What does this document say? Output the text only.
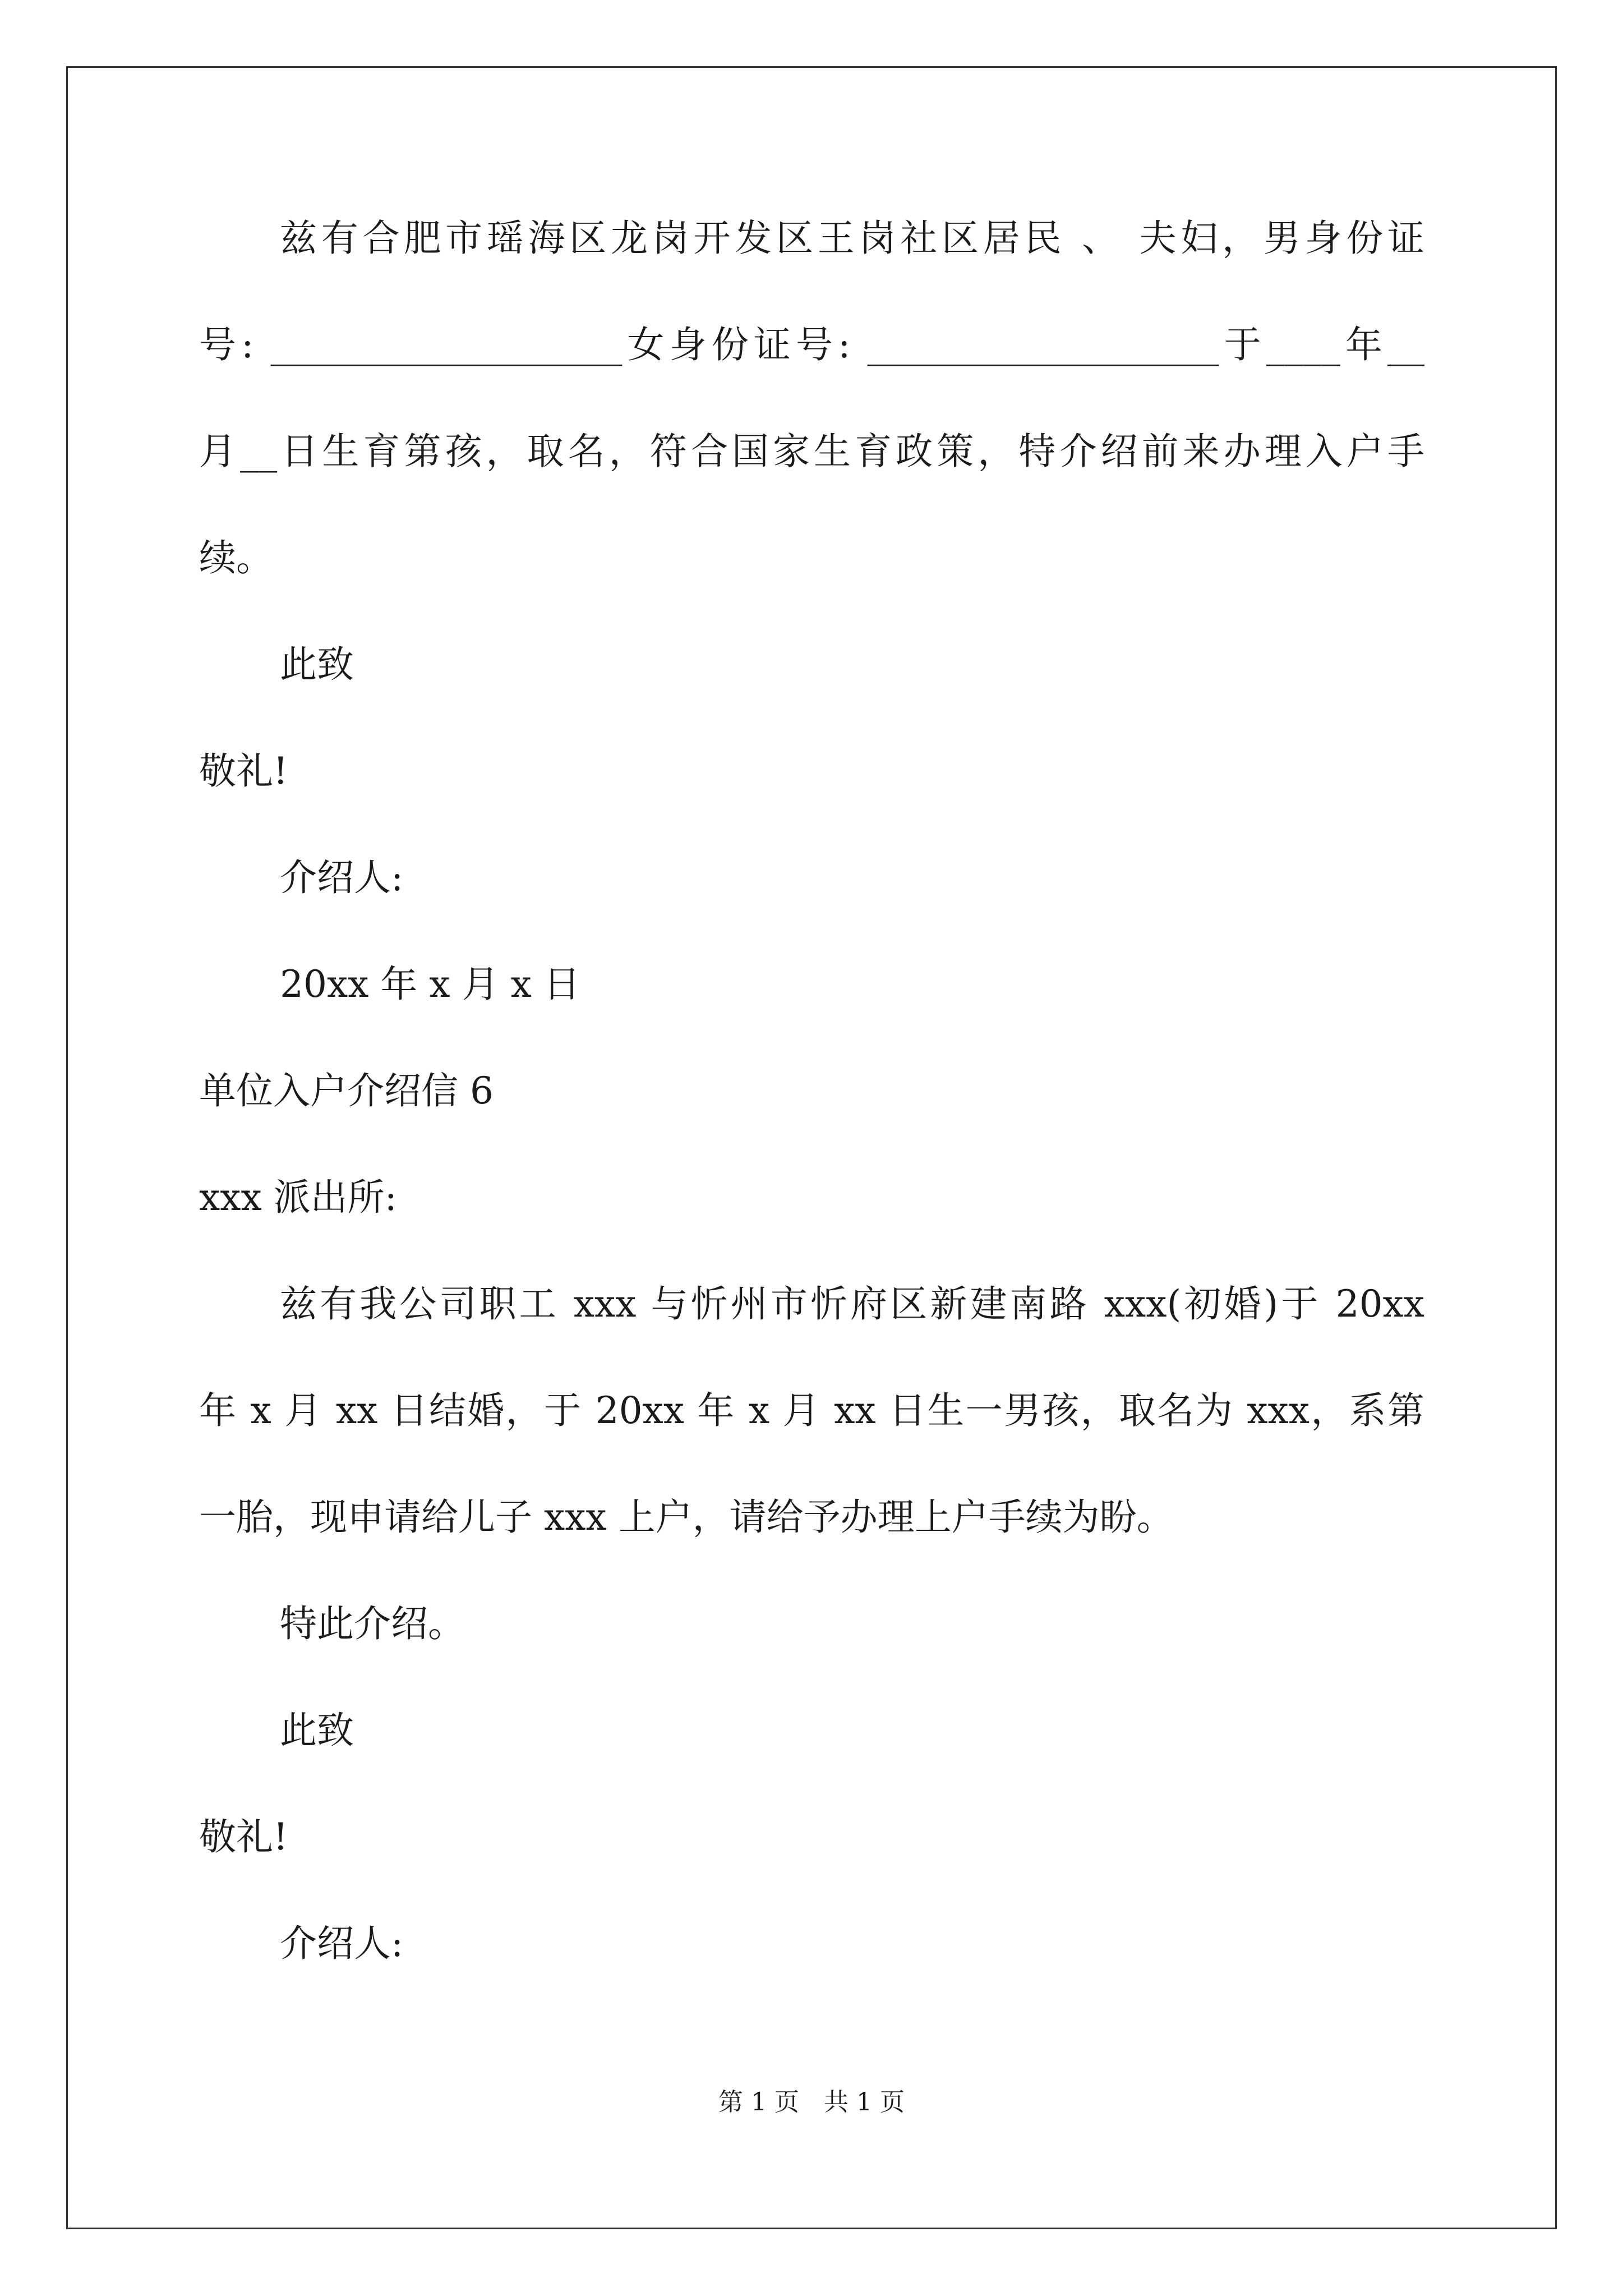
兹有合肥市瑶海区龙岗开发区王岗社区居民 、 夫妇，男身份证
号: ___________________女身份证号: ___________________于____年__
月__日生育第孩，取名，符合国家生育政策，特介绍前来办理入户手
续。
此致
敬礼!
介绍人:
20xx 年 x 月 x 日
单位入户介绍信 6
xxx 派出所:
兹有我公司职工 xxx 与忻州市忻府区新建南路 xxx(初婚)于 20xx
年 x 月 xx 日结婚，于 20xx 年 x 月 xx 日生一男孩，取名为 xxx，系第
一胎，现申请给儿子 xxx 上户，请给予办理上户手续为盼。
特此介绍。
此致
敬礼!
介绍人:
第 1 页　共 1 页
